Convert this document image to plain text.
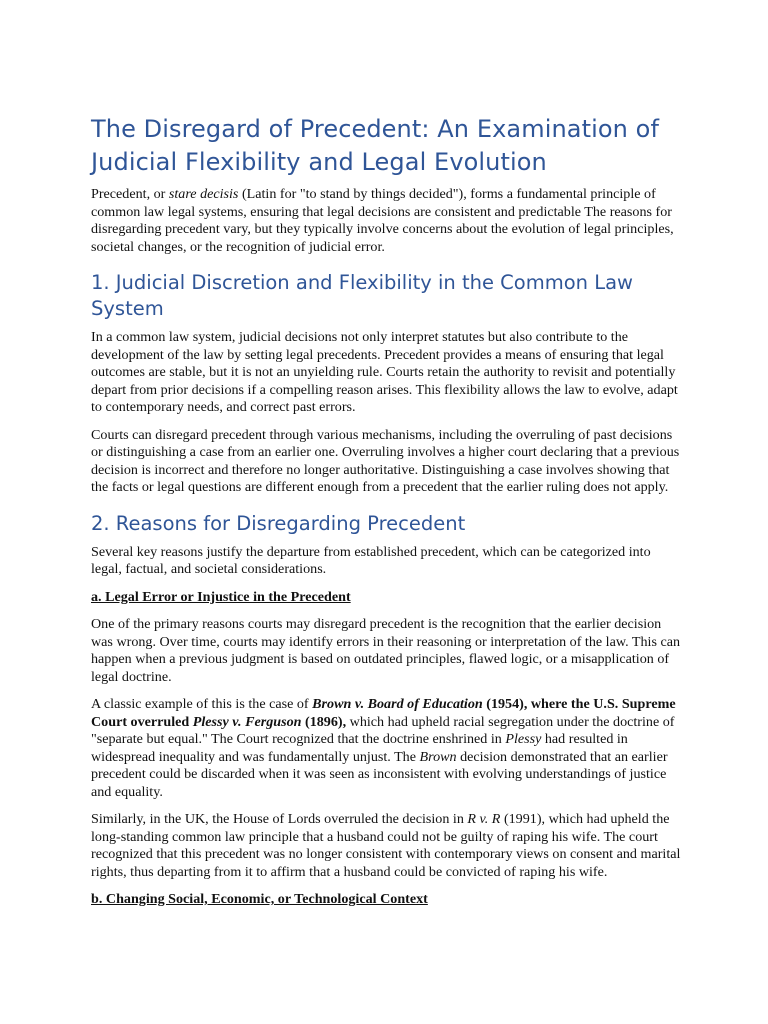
The Disregard of Precedent: An Examination of Judicial Flexibility and Legal Evolution

Precedent, or stare decisis (Latin for "to stand by things decided"), forms a fundamental principle of common law legal systems, ensuring that legal decisions are consistent and predictable The reasons for disregarding precedent vary, but they typically involve concerns about the evolution of legal principles, societal changes, or the recognition of judicial error.

1. Judicial Discretion and Flexibility in the Common Law System

In a common law system, judicial decisions not only interpret statutes but also contribute to the development of the law by setting legal precedents. Precedent provides a means of ensuring that legal outcomes are stable, but it is not an unyielding rule. Courts retain the authority to revisit and potentially depart from prior decisions if a compelling reason arises. This flexibility allows the law to evolve, adapt to contemporary needs, and correct past errors.

Courts can disregard precedent through various mechanisms, including the overruling of past decisions or distinguishing a case from an earlier one. Overruling involves a higher court declaring that a previous decision is incorrect and therefore no longer authoritative. Distinguishing a case involves showing that the facts or legal questions are different enough from a precedent that the earlier ruling does not apply.

2. Reasons for Disregarding Precedent

Several key reasons justify the departure from established precedent, which can be categorized into legal, factual, and societal considerations.

a. Legal Error or Injustice in the Precedent

One of the primary reasons courts may disregard precedent is the recognition that the earlier decision was wrong. Over time, courts may identify errors in their reasoning or interpretation of the law. This can happen when a previous judgment is based on outdated principles, flawed logic, or a misapplication of legal doctrine.

A classic example of this is the case of Brown v. Board of Education (1954), where the U.S. Supreme Court overruled Plessy v. Ferguson (1896), which had upheld racial segregation under the doctrine of "separate but equal." The Court recognized that the doctrine enshrined in Plessy had resulted in widespread inequality and was fundamentally unjust. The Brown decision demonstrated that an earlier precedent could be discarded when it was seen as inconsistent with evolving understandings of justice and equality.

Similarly, in the UK, the House of Lords overruled the decision in R v. R (1991), which had upheld the long-standing common law principle that a husband could not be guilty of raping his wife. The court recognized that this precedent was no longer consistent with contemporary views on consent and marital rights, thus departing from it to affirm that a husband could be convicted of raping his wife.

b. Changing Social, Economic, or Technological Context
